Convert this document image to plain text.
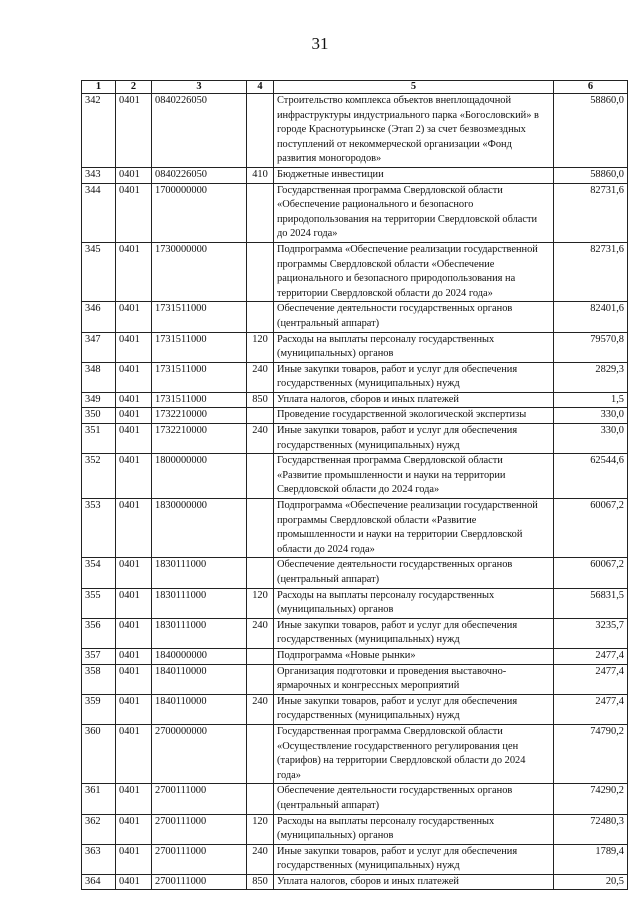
31
1	2	3	4	5	6
342	0401	0840226050		Строительство комплекса объектов внеплощадочной инфраструктуры индустриального парка «Богословский» в городе Краснотурьинске (Этап 2) за счет безвозмездных поступлений от некоммерческой организации «Фонд развития моногородов»	58860,0
343	0401	0840226050	410	Бюджетные инвестиции	58860,0
344	0401	1700000000		Государственная программа Свердловской области «Обеспечение рационального и безопасного природопользования на территории Свердловской области до 2024 года»	82731,6
345	0401	1730000000		Подпрограмма «Обеспечение реализации государственной программы Свердловской области «Обеспечение рационального и безопасного природопользования на территории Свердловской области до 2024 года»	82731,6
346	0401	1731511000		Обеспечение деятельности государственных органов (центральный аппарат)	82401,6
347	0401	1731511000	120	Расходы на выплаты персоналу государственных (муниципальных) органов	79570,8
348	0401	1731511000	240	Иные закупки товаров, работ и услуг для обеспечения государственных (муниципальных) нужд	2829,3
349	0401	1731511000	850	Уплата налогов, сборов и иных платежей	1,5
350	0401	1732210000		Проведение государственной экологической экспертизы	330,0
351	0401	1732210000	240	Иные закупки товаров, работ и услуг для обеспечения государственных (муниципальных) нужд	330,0
352	0401	1800000000		Государственная программа Свердловской области «Развитие промышленности и науки на территории Свердловской области до 2024 года»	62544,6
353	0401	1830000000		Подпрограмма «Обеспечение реализации государственной программы Свердловской области «Развитие промышленности и науки на территории Свердловской области до 2024 года»	60067,2
354	0401	1830111000		Обеспечение деятельности государственных органов (центральный аппарат)	60067,2
355	0401	1830111000	120	Расходы на выплаты персоналу государственных (муниципальных) органов	56831,5
356	0401	1830111000	240	Иные закупки товаров, работ и услуг для обеспечения государственных (муниципальных) нужд	3235,7
357	0401	1840000000		Подпрограмма «Новые рынки»	2477,4
358	0401	1840110000		Организация подготовки и проведения выставочно-ярмарочных и конгрессных мероприятий	2477,4
359	0401	1840110000	240	Иные закупки товаров, работ и услуг для обеспечения государственных (муниципальных) нужд	2477,4
360	0401	2700000000		Государственная программа Свердловской области «Осуществление государственного регулирования цен (тарифов) на территории Свердловской области до 2024 года»	74790,2
361	0401	2700111000		Обеспечение деятельности государственных органов (центральный аппарат)	74290,2
362	0401	2700111000	120	Расходы на выплаты персоналу государственных (муниципальных) органов	72480,3
363	0401	2700111000	240	Иные закупки товаров, работ и услуг для обеспечения государственных (муниципальных) нужд	1789,4
364	0401	2700111000	850	Уплата налогов, сборов и иных платежей	20,5
